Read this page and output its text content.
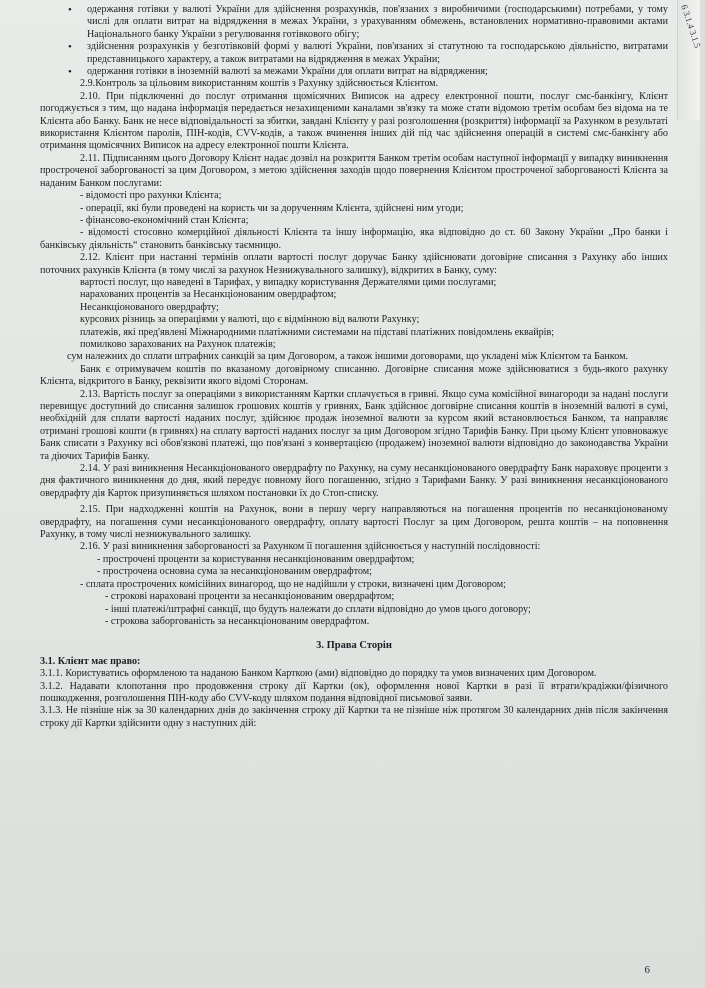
6 3.1.4 3.1.5

• одержання готівки у валюті України для здійснення розрахунків, пов'язаних з виробничими (господарськими) потребами, у тому числі для оплати витрат на відрядження в межах України, з урахуванням обмежень, встановлених нормативно-правовими актами Національного банку України з регулювання готівкового обігу;

• здійснення розрахунків у безготівковій формі у валюті України, пов'язаних зі статутною та господарською діяльністю, витратами представницького характеру, а також витратами на відрядження в межах України;

• одержання готівки в іноземній валюті за межами України для оплати витрат на відрядження;

2.9.Контроль за цільовим використанням коштів з Рахунку здійснюється Клієнтом.

2.10. При підключенні до послуг отримання щомісячних Виписок на адресу електронної пошти, послуг смс-банкінгу, Клієнт погоджується з тим, що надана інформація передається незахищеними каналами зв'язку та може стати відомою третім особам без відома на те Клієнта або Банку. Банк не несе відповідальності за збитки, завдані Клієнту у разі розголошення (розкриття) інформації за Рахунком в результаті використання Клієнтом паролів, ПІН-кодів, CVV-кодів, а також вчинення інших дій під час здійснення операцій в системі смс-банкінгу або отримання щомісячних Виписок на адресу електронної пошти Клієнта.

2.11. Підписанням цього Договору Клієнт надає дозвіл на розкриття Банком третім особам наступної інформації у випадку виникнення простроченої заборгованості за цим Договором, з метою здійснення заходів щодо повернення Клієнтом простроченої заборгованості Клієнта за наданим Банком послугами:

- відомості про рахунки Клієнта;

- операції, які були проведені на користь чи за дорученням Клієнта, здійснені ним угоди;

- фінансово-економічний стан Клієнта;

- відомості стосовно комерційної діяльності Клієнта та іншу інформацію, яка відповідно до ст. 60 Закону України „Про банки і банківську діяльність“ становить банківську таємницю.

2.12. Клієнт при настанні термінів оплати вартості послуг доручає Банку здійснювати договірне списання з Рахунку або інших поточних рахунків Клієнта (в тому числі за рахунок Незнижувального залишку), відкритих в Банку, суму:

вартості послуг, що наведені в Тарифах, у випадку користування Держателями цими послугами;

нарахованих процентів за Несанкціонованим овердрафтом;

Несанкціонованого овердрафту;

курсових різниць за операціями у валюті, що є відмінною від валюти Рахунку;

платежів, які пред'явлені Міжнародними платіжними системами на підставі платіжних повідомлень еквайрів;

помилково зарахованих на Рахунок платежів;

сум належних до сплати штрафних санкцій за цим Договором, а також іншими договорами, що укладені між Клієнтом та Банком.

Банк є отримувачем коштів по вказаному договірному списанню. Договірне списання може здійснюватися з будь-якого рахунку Клієнта, відкритого в Банку, реквізити якого відомі Сторонам.

2.13. Вартість послуг за операціями з використанням Картки сплачується в гривні. Якщо сума комісійної винагороди за надані послуги перевищує доступний до списання залишок грошових коштів у гривнях, Банк здійснює договірне списання коштів в іноземній валюті в сумі, необхідній для сплати вартості наданих послуг, здійснює продаж іноземної валюти за курсом який встановлюється Банком, та направляє отримані грошові кошти (в гривнях) на сплату вартості наданих послуг за цим Договором згідно Тарифів Банку. При цьому Клієнт уповноважує Банк списати з Рахунку всі обов'язкові платежі, що пов'язані з конвертацією (продажем) іноземної валюти відповідно до законодавства України та діючих Тарифів Банку.

2.14. У разі виникнення Несанкціонованого овердрафту по Рахунку, на суму несанкціонованого овердрафту Банк нараховує проценти з дня фактичного виникнення до дня, який передує повному його погашенню, згідно з Тарифами Банку. У разі виникнення несанкціонованого овердрафту дія Карток призупиняється шляхом постановки їх до Стоп-списку.

2.15. При надходженні коштів на Рахунок, вони в першу чергу направляються на погашення процентів по несанкціонованому овердрафту, на погашення суми несанкціонованого овердрафту, оплату вартості Послуг за цим Договором, решта коштів – на поповнення Рахунку, в тому числі незнижувального залишку.

2.16. У разі виникнення заборгованості за Рахунком її погашення здійснюється у наступній послідовності:

- прострочені проценти за користування несанкціонованим овердрафтом;

- прострочена основна сума за несанкціонованим овердрафтом;

- сплата прострочених комісійних винагород, що не надійшли у строки, визначені цим Договором;

- строкові нараховані проценти за несанкціонованим овердрафтом;

- інші платежі/штрафні санкції, що будуть належати до сплати відповідно до умов цього договору;

- строкова заборгованість за несанкціонованим овердрафтом.

3. Права Сторін

3.1. Клієнт має право:

3.1.1. Користуватись оформленою та наданою Банком Карткою (ами) відповідно до порядку та умов визначених цим Договором.

3.1.2. Надавати клопотання про продовження строку дії Картки (ок), оформлення нової Картки в разі її втрати/крадіжки/фізичного пошкодження, розголошення ПІН-коду або CVV-коду шляхом подання відповідної письмової заяви.

3.1.3. Не пізніше ніж за 30 календарних днів до закінчення строку дії Картки та не пізніше ніж протягом 30 календарних днів після закінчення строку дії Картки здійснити одну з наступних дій:

6
